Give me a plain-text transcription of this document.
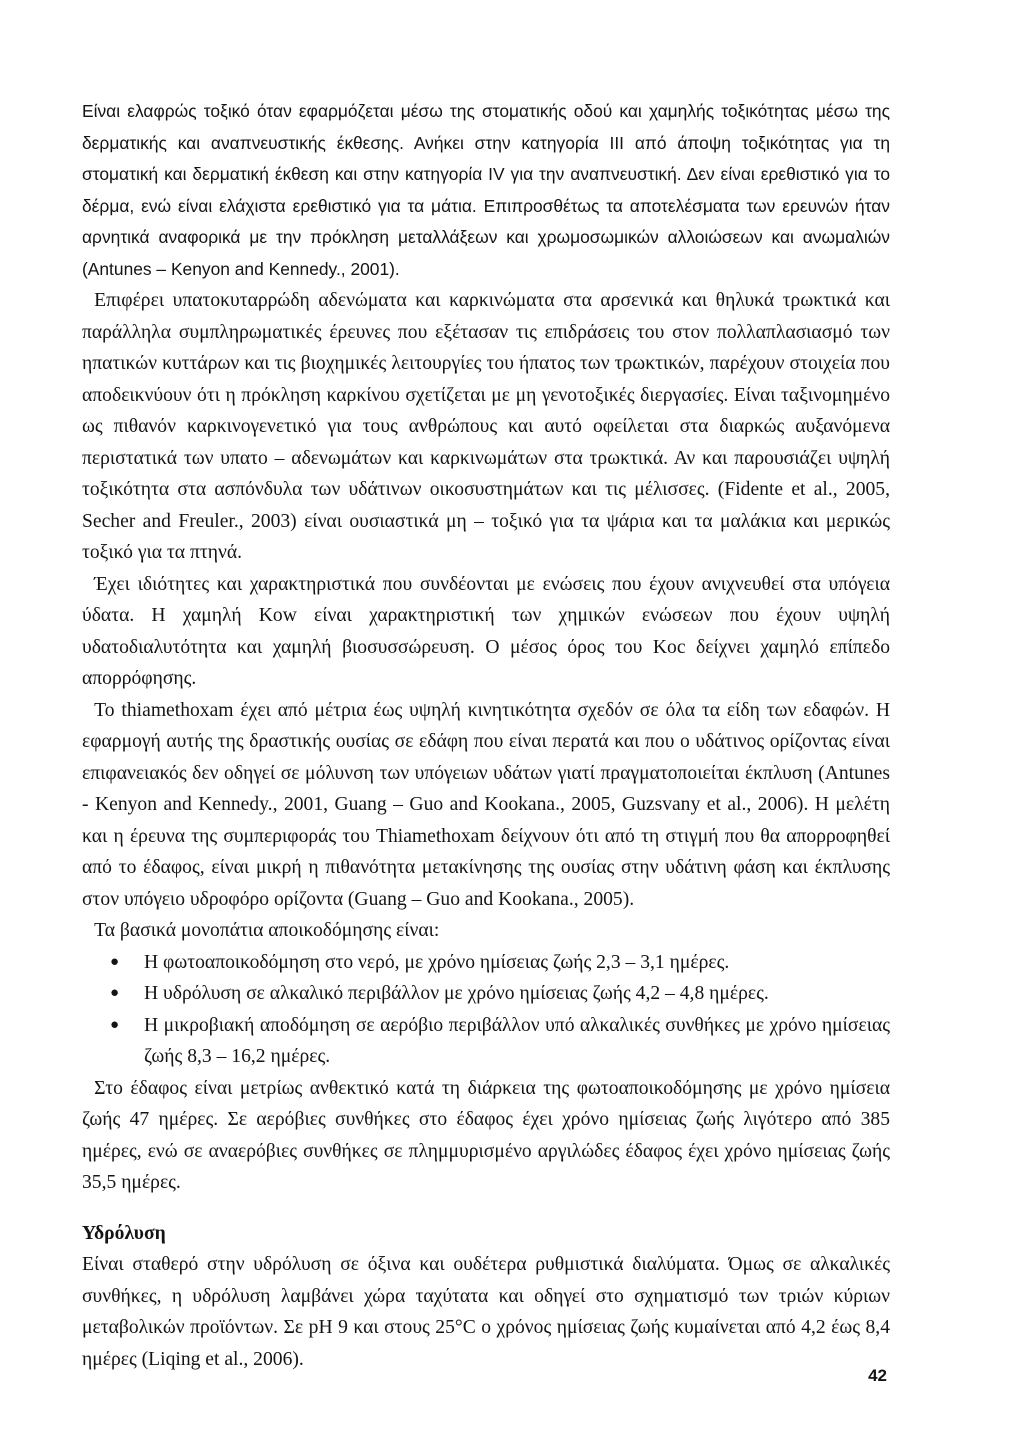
Είναι ελαφρώς τοξικό όταν εφαρμόζεται μέσω της στοματικής οδού και χαμηλής τοξικότητας μέσω της δερματικής και αναπνευστικής έκθεσης. Ανήκει στην κατηγορία ΙΙΙ από άποψη τοξικότητας για τη στοματική και δερματική έκθεση και στην κατηγορία IV για την αναπνευστική. Δεν είναι ερεθιστικό για το δέρμα, ενώ είναι ελάχιστα ερεθιστικό για τα μάτια. Επιπροσθέτως τα αποτελέσματα των ερευνών ήταν αρνητικά αναφορικά με την πρόκληση μεταλλάξεων και χρωμοσωμικών αλλοιώσεων και ανωμαλιών (Antunes – Kenyon and Kennedy., 2001).

Επιφέρει υπατοκυταρρώδη αδενώματα και καρκινώματα στα αρσενικά και θηλυκά τρωκτικά και παράλληλα συμπληρωματικές έρευνες που εξέτασαν τις επιδράσεις του στον πολλαπλασιασμό των ηπατικών κυττάρων και τις βιοχημικές λειτουργίες του ήπατος των τρωκτικών, παρέχουν στοιχεία που αποδεικνύουν ότι η πρόκληση καρκίνου σχετίζεται με μη γενοτοξικές διεργασίες. Είναι ταξινομημένο ως πιθανόν καρκινογενετικό για τους ανθρώπους και αυτό οφείλεται στα διαρκώς αυξανόμενα περιστατικά των υπατο – αδενωμάτων και καρκινωμάτων στα τρωκτικά. Αν και παρουσιάζει υψηλή τοξικότητα στα ασπόνδυλα των υδάτινων οικοσυστημάτων και τις μέλισσες. (Fidente et al., 2005, Secher and Freuler., 2003) είναι ουσιαστικά μη – τοξικό για τα ψάρια και τα μαλάκια και μερικώς τοξικό για τα πτηνά.

Έχει ιδιότητες και χαρακτηριστικά που συνδέονται με ενώσεις που έχουν ανιχνευθεί στα υπόγεια ύδατα. Η χαμηλή Kow είναι χαρακτηριστική των χημικών ενώσεων που έχουν υψηλή υδατοδιαλυτότητα και χαμηλή βιοσυσσώρευση. Ο μέσος όρος του Koc δείχνει χαμηλό επίπεδο απορρόφησης.

Το thiamethoxam έχει από μέτρια έως υψηλή κινητικότητα σχεδόν σε όλα τα είδη των εδαφών. Η εφαρμογή αυτής της δραστικής ουσίας σε εδάφη που είναι περατά και που ο υδάτινος ορίζοντας είναι επιφανειακός δεν οδηγεί σε μόλυνση των υπόγειων υδάτων γιατί πραγματοποιείται έκπλυση (Antunes - Kenyon and Kennedy., 2001, Guang – Guo and Kookana., 2005, Guzsvany et al., 2006). Η μελέτη και η έρευνα της συμπεριφοράς του Thiamethoxam δείχνουν ότι από τη στιγμή που θα απορροφηθεί από το έδαφος, είναι μικρή η πιθανότητα μετακίνησης της ουσίας στην υδάτινη φάση και έκπλυσης στον υπόγειο υδροφόρο ορίζοντα (Guang – Guo and Kookana., 2005).

Τα βασικά μονοπάτια αποικοδόμησης είναι:

● Η φωτοαποικοδόμηση στο νερό, με χρόνο ημίσειας ζωής 2,3 – 3,1 ημέρες.
● Η υδρόλυση σε αλκαλικό περιβάλλον με χρόνο ημίσειας ζωής 4,2 – 4,8 ημέρες.
● Η μικροβιακή αποδόμηση σε αερόβιο περιβάλλον υπό αλκαλικές συνθήκες με χρόνο ημίσειας ζωής 8,3 – 16,2 ημέρες.

Στο έδαφος είναι μετρίως ανθεκτικό κατά τη διάρκεια της φωτοαποικοδόμησης με χρόνο ημίσεια ζωής 47 ημέρες. Σε αερόβιες συνθήκες στο έδαφος έχει χρόνο ημίσειας ζωής λιγότερο από 385 ημέρες, ενώ σε αναερόβιες συνθήκες σε πλημμυρισμένο αργιλώδες έδαφος έχει χρόνο ημίσειας ζωής 35,5 ημέρες.

Υδρόλυση

Είναι σταθερό στην υδρόλυση σε όξινα και ουδέτερα ρυθμιστικά διαλύματα. Όμως σε αλκαλικές συνθήκες, η υδρόλυση λαμβάνει χώρα ταχύτατα και οδηγεί στο σχηματισμό των τριών κύριων μεταβολικών προϊόντων. Σε pH 9 και στους 25°C ο χρόνος ημίσειας ζωής κυμαίνεται από 4,2 έως 8,4 ημέρες (Liqing et al., 2006).

42
